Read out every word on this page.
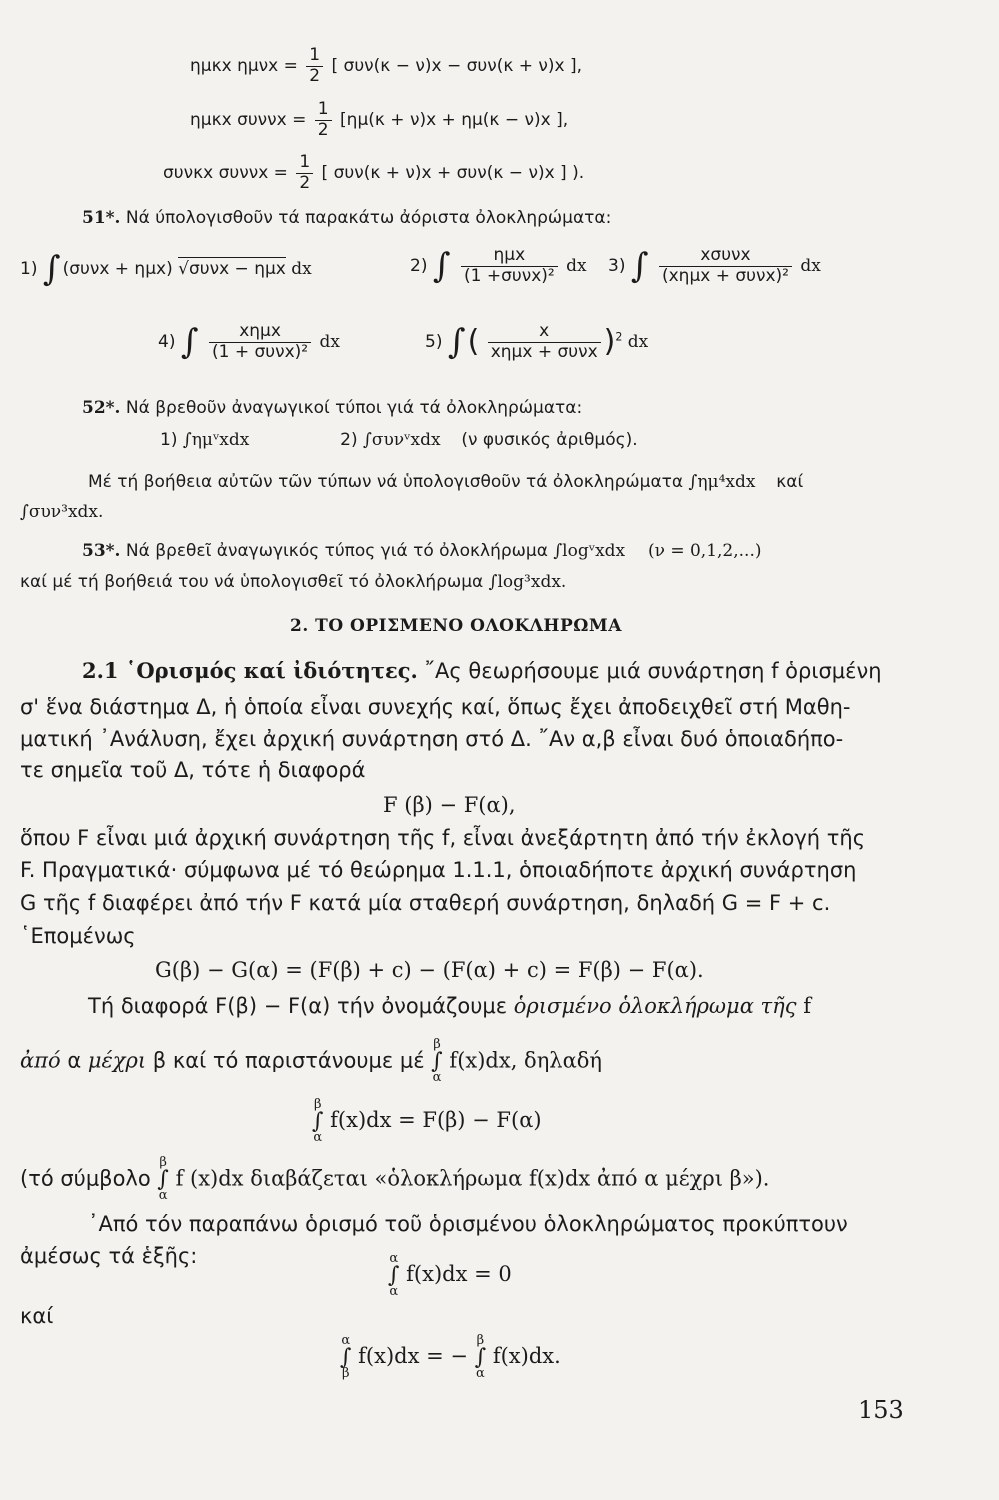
ημκx $\eta\mu\nu x = \frac{1}{2}$ [ συν(κ − ν)x − συν(κ + ν)x ],
ημκx $\sigma\upsilon\nu\nu x = \frac{1}{2} [\eta\mu(\kappa + \nu)x + \eta\mu(\kappa - \nu)x$ ],
συνκx $\sigma\upsilon\nu\nu x = \frac{1}{2}$ [ συν(κ + ν)x + συν(κ − ν)x ] ).
51*. Νά ύπολογισθοῦν τά παρακάτω ἀόριστα ὀλοκληρώματα:
1) ∫ (συνx + ημx) √συνx − ημx dx	2) ∫ $\frac{\text{ημx}}{\text{(1 +συνx)²}}$ dx 3) ∫ $\frac{\text{xσυνx}}{\text{(xημx + συνx)²}}$ dx
4) ∫ $\frac{\text{xημx}}{\text{(1 + συνx)²}}$ dx	5) ∫( $\frac{x}{\text{xημx + συνx}} )^2$ dx
52*. Νά βρεθοῦν ἀναγωγικοί τύποι γιά τά ὀλοκληρώματα:
1) ∫ημᵛxdx	2) ∫συνᵛxdx (ν φυσικός ἀριθμός).
Μέ τή βοήθεια αὐτῶν τῶν τύπων νά ὑπολογισθοῦν τά ὀλοκληρώματα ∫ημ⁴xdx καί
∫συν³xdx.
53*. Νά βρεθεῖ ἀναγωγικός τύπος γιά τό ὀλοκλήρωμα ∫logᵛxdx (ν = 0,1,2,...)
καί μέ τή βοήθειά του νά ὑπολογισθεῖ τό ὀλοκλήρωμα ∫log³xdx.
2. ΤΟ ΟΡΙΣΜΕΝΟ ΟΛΟΚΛΗΡΩΜΑ
2.1 ῾Ορισμός καί ἰδιότητες. ῎Ας θεωρήσουμε μιά συνάρτηση f ὁρισμένη
σ' ἕνα διάστημα Δ, ἡ ὁποία εἶναι συνεχής καί, ὅπως ἔχει ἀποδειχθεῖ στή Μαθη-
ματική ᾿Ανάλυση, ἔχει ἀρχική συνάρτηση στό Δ. ῎Αν α,β εἶναι δυό ὁποιαδήπο-
τε σημεῖα τοῦ Δ, τότε ἡ διαφορά
F (β) − F(α),
ὅπου F εἶναι μιά ἀρχική συνάρτηση τῆς f, εἶναι ἀνεξάρτητη ἀπό τήν ἐκλογή τῆς
F. Πραγματικά· σύμφωνα μέ τό θεώρημα 1.1.1, ὁποιαδήποτε ἀρχική συνάρτηση
G τῆς f διαφέρει ἀπό τήν F κατά μία σταθερή συνάρτηση, δηλαδή G = F + c.
῾Επομένως
G(β) − G(α) = (F(β) + c) − (F(α) + c) = F(β) − F(α).
Τή διαφορά F(β) − F(α) τήν ὀνομάζουμε ὁρισμένο ὁλοκλήρωμα τῆς f
ἀπό α μέχρι β καί τό παριστάνουμε μέ
β
∫
α
f(x)dx, δηλαδή
β
∫
α
f(x)dx = F(β) − F(α)
(τό σύμβολο
β
∫
α
f (x)dx διαβάζεται «ὁλοκλήρωμα f(x)dx ἀπό α μέχρι β»).
᾿Από τόν παραπάνω ὁρισμό τοῦ ὁρισμένου ὁλοκληρώματος προκύπτουν
ἀμέσως τά ἑξῆς:	α
∫
α
f(x)dx = 0
καί
α
∫
β
f(x)dx = −
β
∫
α
f(x)dx.
153
